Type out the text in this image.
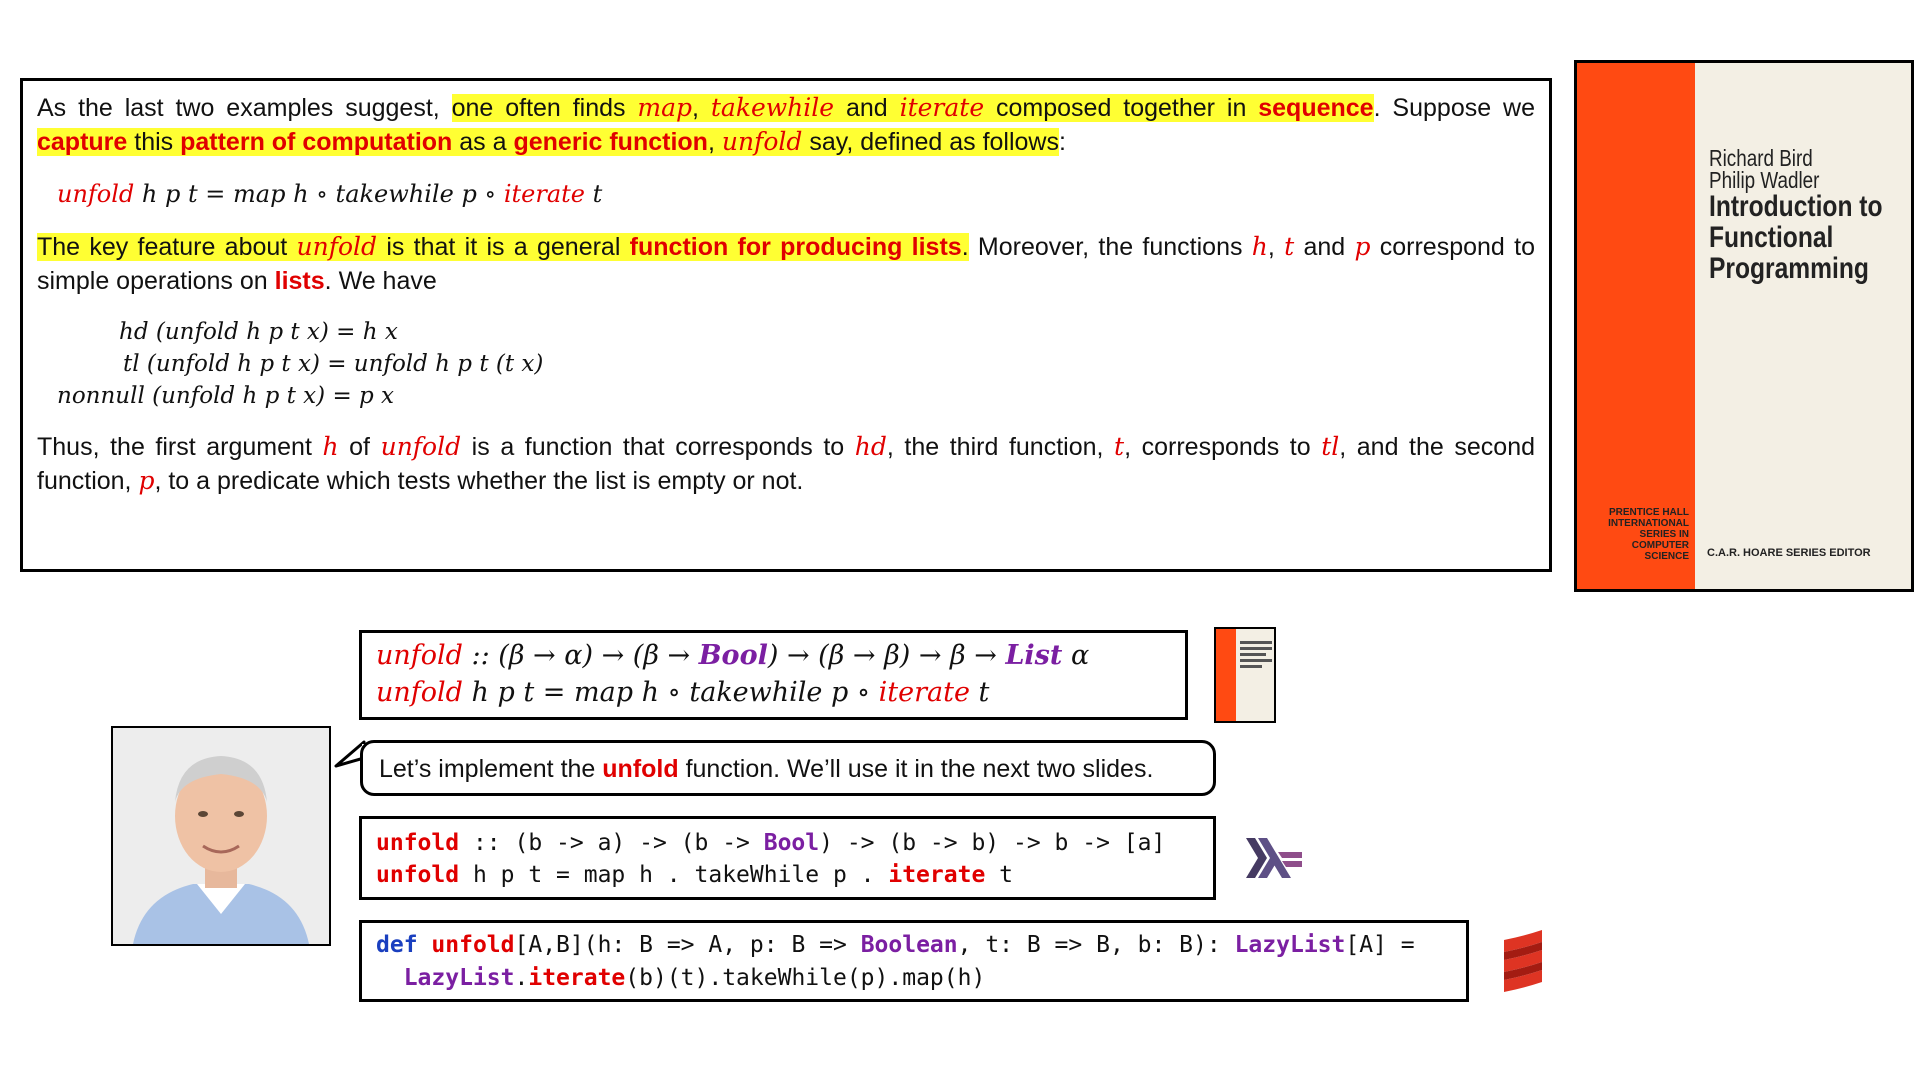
As the last two examples suggest, one often finds map, takewhile and iterate composed together in sequence. Suppose we capture this pattern of computation as a generic function, unfold say, defined as follows:

unfold h p t = map h ∘ takewhile p ∘ iterate t

The key feature about unfold is that it is a general function for producing lists. Moreover, the functions h, t and p correspond to simple operations on lists. We have

hd (unfold h p t x) = h x
tl (unfold h p t x) = unfold h p t (t x)
nonnull (unfold h p t x) = p x

Thus, the first argument h of unfold is a function that corresponds to hd, the third function, t, corresponds to tl, and the second function, p, to a predicate which tests whether the list is empty or not.

Richard Bird
Philip Wadler
Introduction to
Functional
Programming
PRENTICE HALL
INTERNATIONAL
SERIES IN
COMPUTER
SCIENCE C.A.R. HOARE SERIES EDITOR
unfold :: (β → α) → (β → Bool) → (β → β) → β → List α
unfold h p t = map h ∘ takewhile p ∘ iterate t
Let’s implement the unfold function. We’ll use it in the next two slides.
unfold :: (b -> a) -> (b -> Bool) -> (b -> b) -> b -> [a]
unfold h p t = map h . takeWhile p . iterate t
def unfold[A,B](h: B => A, p: B => Boolean, t: B => B, b: B): LazyList[A] =
LazyList.iterate(b)(t).takeWhile(p).map(h)
